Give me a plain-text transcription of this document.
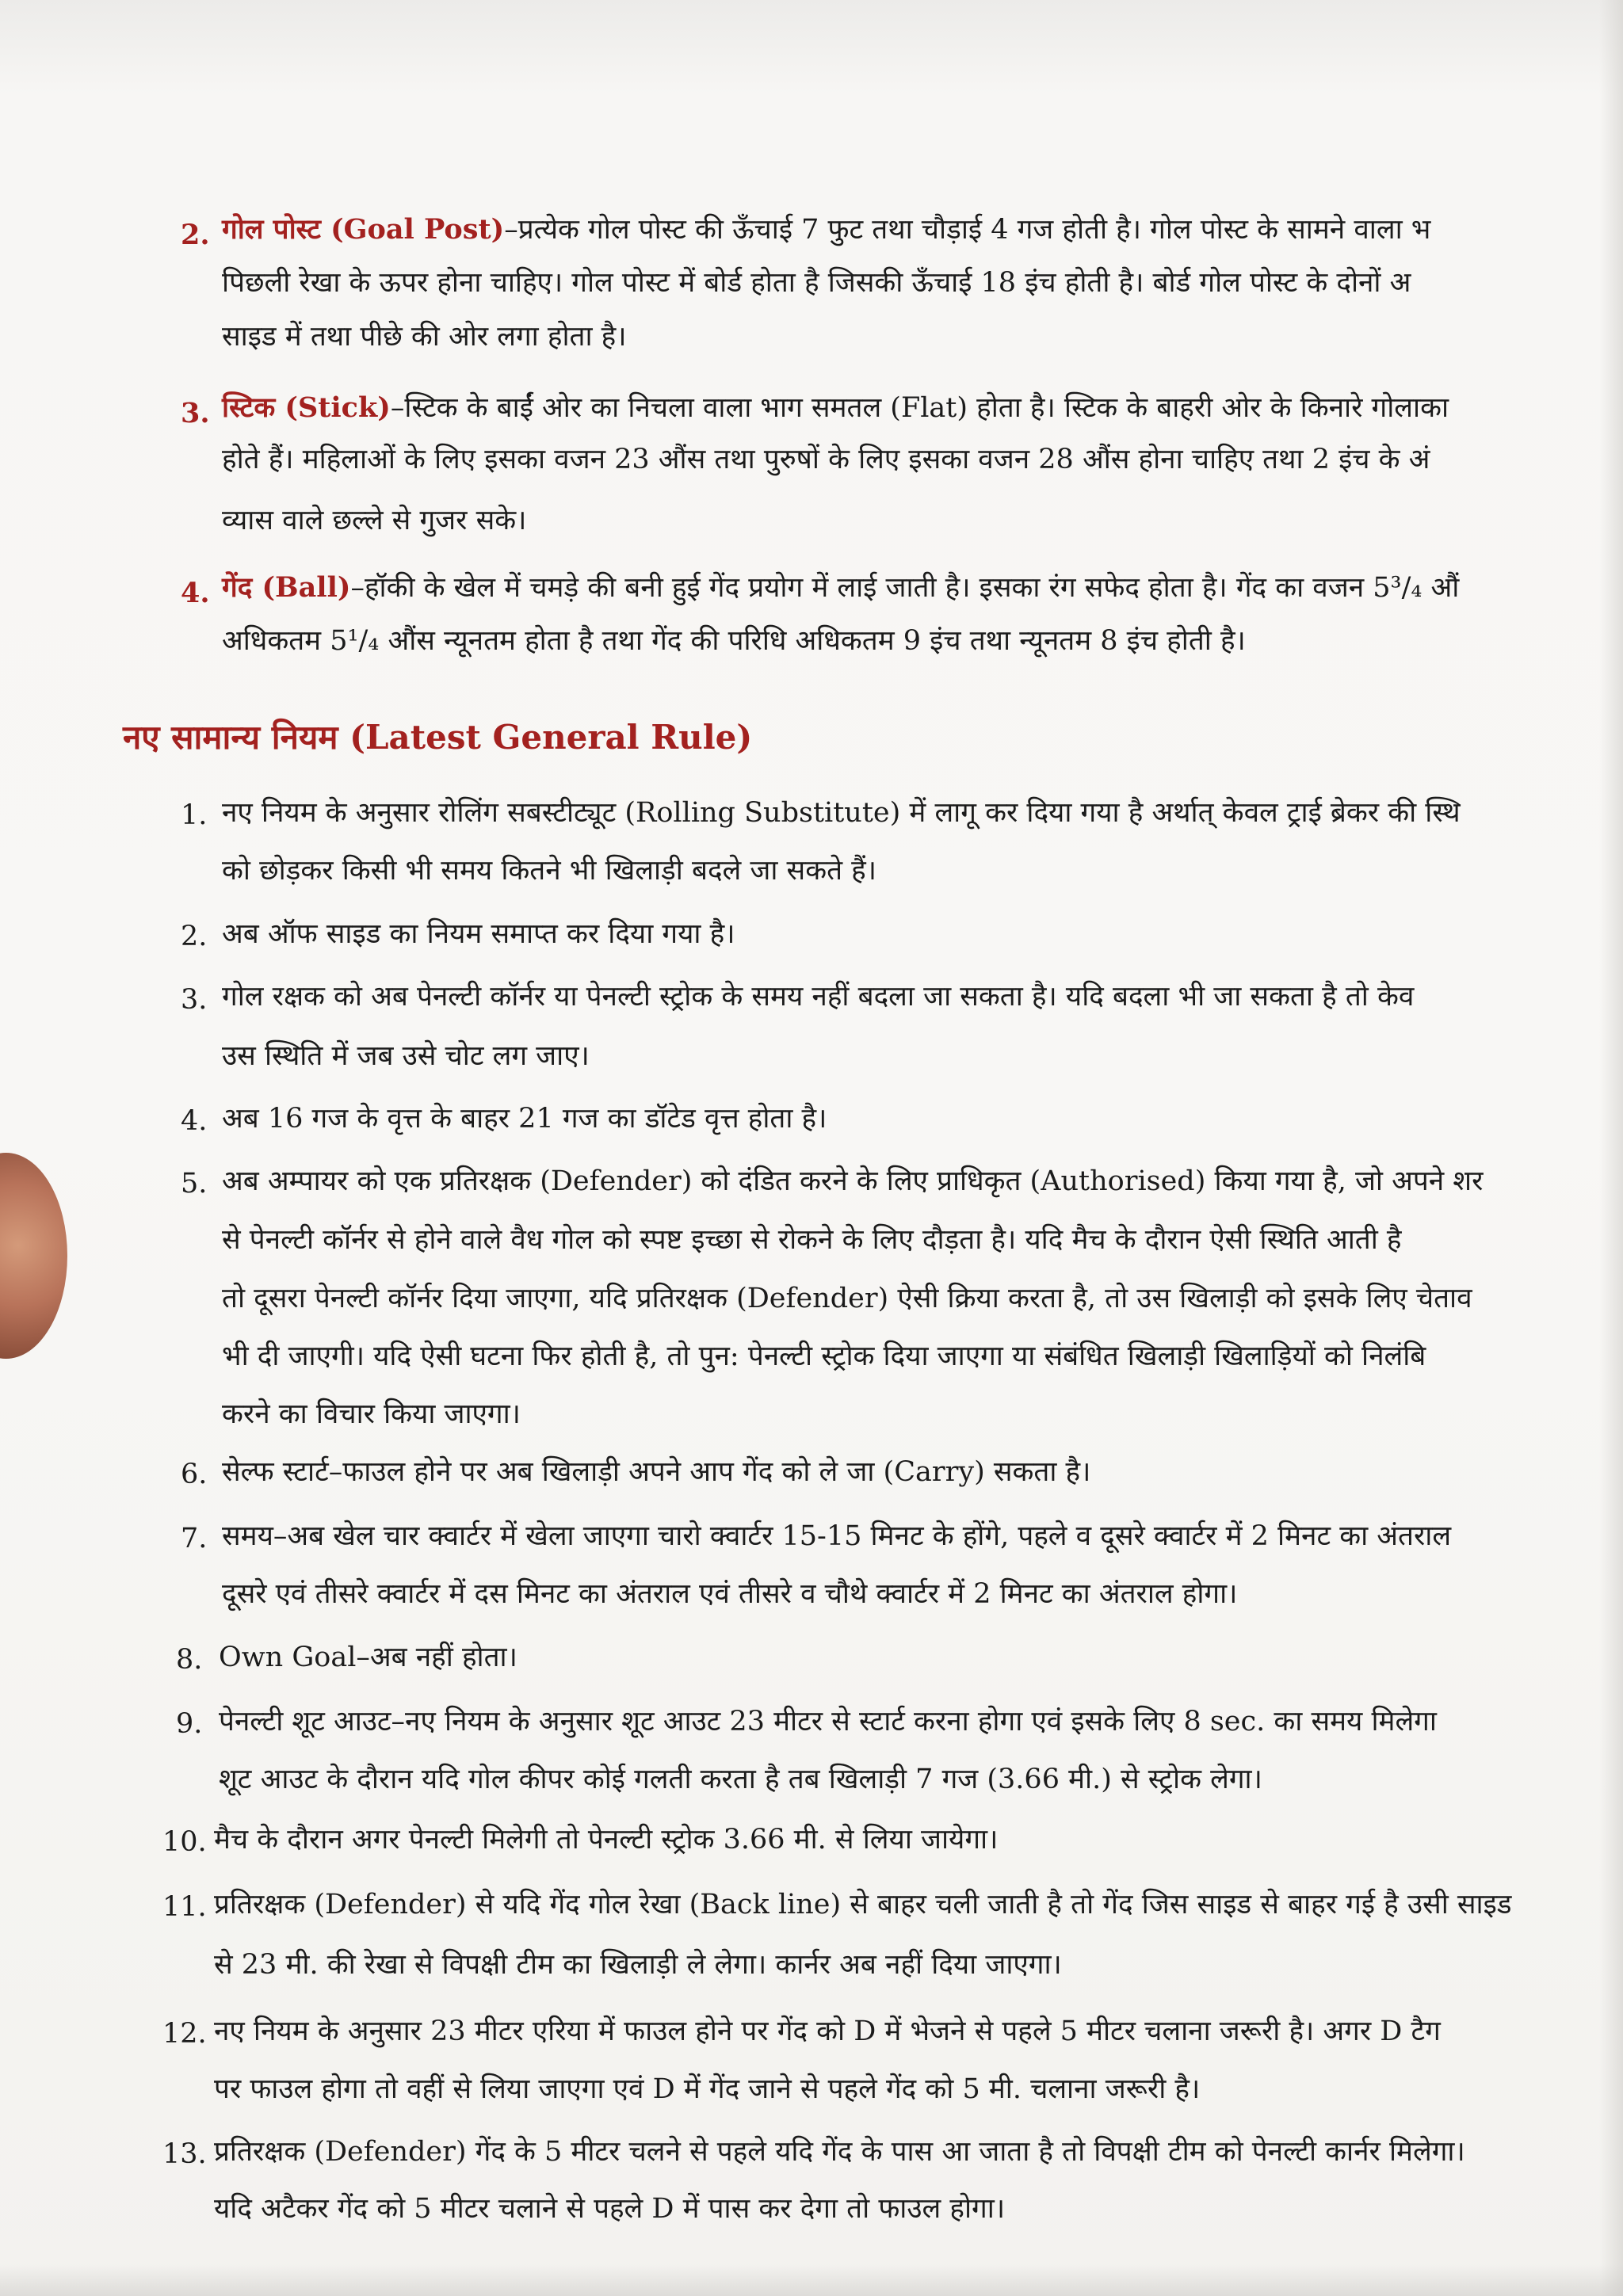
2. गोल पोस्ट (Goal Post)–प्रत्येक गोल पोस्ट की ऊँचाई 7 फुट तथा चौड़ाई 4 गज होती है। गोल पोस्ट के सामने वाला भ
पिछली रेखा के ऊपर होना चाहिए। गोल पोस्ट में बोर्ड होता है जिसकी ऊँचाई 18 इंच होती है। बोर्ड गोल पोस्ट के दोनों अ
साइड में तथा पीछे की ओर लगा होता है।
3. स्टिक (Stick)–स्टिक के बाईं ओर का निचला वाला भाग समतल (Flat) होता है। स्टिक के बाहरी ओर के किनारे गोलाका
होते हैं। महिलाओं के लिए इसका वजन 23 औंस तथा पुरुषों के लिए इसका वजन 28 औंस होना चाहिए तथा 2 इंच के अं
व्यास वाले छल्ले से गुजर सके।
4. गेंद (Ball)–हॉकी के खेल में चमड़े की बनी हुई गेंद प्रयोग में लाई जाती है। इसका रंग सफेद होता है। गेंद का वजन 5³/₄ औं
अधिकतम 5¹/₄ औंस न्यूनतम होता है तथा गेंद की परिधि अधिकतम 9 इंच तथा न्यूनतम 8 इंच होती है।
नए सामान्य नियम (Latest General Rule)
1. नए नियम के अनुसार रोलिंग सबस्टीट्यूट (Rolling Substitute) में लागू कर दिया गया है अर्थात् केवल ट्राई ब्रेकर की स्थि
को छोड़कर किसी भी समय कितने भी खिलाड़ी बदले जा सकते हैं।
2. अब ऑफ साइड का नियम समाप्त कर दिया गया है।
3. गोल रक्षक को अब पेनल्टी कॉर्नर या पेनल्टी स्ट्रोक के समय नहीं बदला जा सकता है। यदि बदला भी जा सकता है तो केव
उस स्थिति में जब उसे चोट लग जाए।
4. अब 16 गज के वृत्त के बाहर 21 गज का डॉटेड वृत्त होता है।
5. अब अम्पायर को एक प्रतिरक्षक (Defender) को दंडित करने के लिए प्राधिकृत (Authorised) किया गया है, जो अपने शर
से पेनल्टी कॉर्नर से होने वाले वैध गोल को स्पष्ट इच्छा से रोकने के लिए दौड़ता है। यदि मैच के दौरान ऐसी स्थिति आती है
तो दूसरा पेनल्टी कॉर्नर दिया जाएगा, यदि प्रतिरक्षक (Defender) ऐसी क्रिया करता है, तो उस खिलाड़ी को इसके लिए चेताव
भी दी जाएगी। यदि ऐसी घटना फिर होती है, तो पुन: पेनल्टी स्ट्रोक दिया जाएगा या संबंधित खिलाड़ी खिलाड़ियों को निलंबि
करने का विचार किया जाएगा।
6. सेल्फ स्टार्ट–फाउल होने पर अब खिलाड़ी अपने आप गेंद को ले जा (Carry) सकता है।
7. समय–अब खेल चार क्वार्टर में खेला जाएगा चारो क्वार्टर 15-15 मिनट के होंगे, पहले व दूसरे क्वार्टर में 2 मिनट का अंतराल
दूसरे एवं तीसरे क्वार्टर में दस मिनट का अंतराल एवं तीसरे व चौथे क्वार्टर में 2 मिनट का अंतराल होगा।
8. Own Goal–अब नहीं होता।
9. पेनल्टी शूट आउट–नए नियम के अनुसार शूट आउट 23 मीटर से स्टार्ट करना होगा एवं इसके लिए 8 sec. का समय मिलेगा
शूट आउट के दौरान यदि गोल कीपर कोई गलती करता है तब खिलाड़ी 7 गज (3.66 मी.) से स्ट्रोक लेगा।
10. मैच के दौरान अगर पेनल्टी मिलेगी तो पेनल्टी स्ट्रोक 3.66 मी. से लिया जायेगा।
11. प्रतिरक्षक (Defender) से यदि गेंद गोल रेखा (Back line) से बाहर चली जाती है तो गेंद जिस साइड से बाहर गई है उसी साइड
से 23 मी. की रेखा से विपक्षी टीम का खिलाड़ी ले लेगा। कार्नर अब नहीं दिया जाएगा।
12. नए नियम के अनुसार 23 मीटर एरिया में फाउल होने पर गेंद को D में भेजने से पहले 5 मीटर चलाना जरूरी है। अगर D टैग
पर फाउल होगा तो वहीं से लिया जाएगा एवं D में गेंद जाने से पहले गेंद को 5 मी. चलाना जरूरी है।
13. प्रतिरक्षक (Defender) गेंद के 5 मीटर चलने से पहले यदि गेंद के पास आ जाता है तो विपक्षी टीम को पेनल्टी कार्नर मिलेगा।
यदि अटैकर गेंद को 5 मीटर चलाने से पहले D में पास कर देगा तो फाउल होगा।
